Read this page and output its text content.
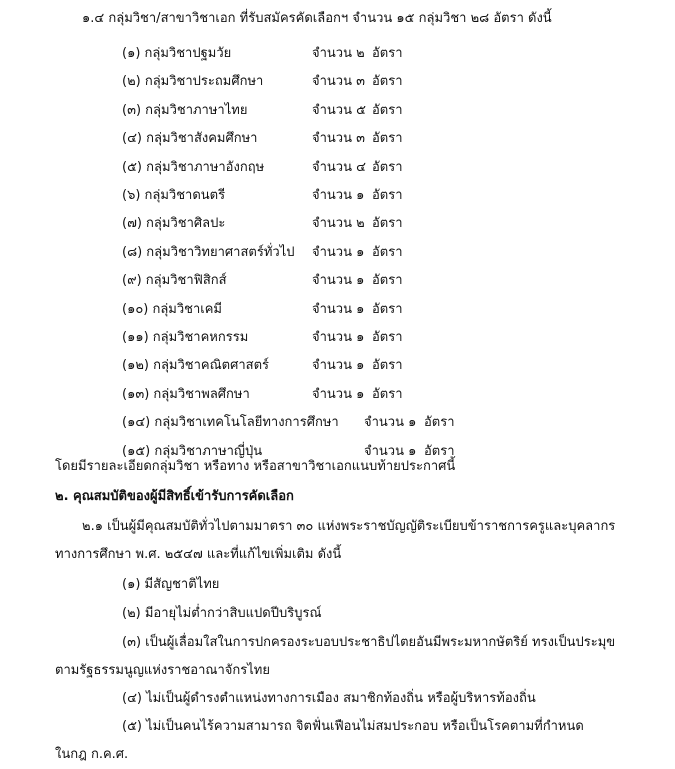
๑.๔ กลุ่มวิชา/สาขาวิชาเอก ที่รับสมัครคัดเลือกฯ จำนวน ๑๕ กลุ่มวิชา ๒๘ อัตรา ดังนี้
(๑) กลุ่มวิชาปฐมวัย	จำนวน ๒ อัตรา
(๒) กลุ่มวิชาประถมศึกษา	จำนวน ๓ อัตรา
(๓) กลุ่มวิชาภาษาไทย	จำนวน ๕ อัตรา
(๔) กลุ่มวิชาสังคมศึกษา	จำนวน ๓ อัตรา
(๕) กลุ่มวิชาภาษาอังกฤษ	จำนวน ๔ อัตรา
(๖) กลุ่มวิชาดนตรี	จำนวน ๑ อัตรา
(๗) กลุ่มวิชาศิลปะ	จำนวน ๒ อัตรา
(๘) กลุ่มวิชาวิทยาศาสตร์ทั่วไป จำนวน ๑ อัตรา
(๙) กลุ่มวิชาฟิสิกส์	จำนวน ๑ อัตรา
(๑๐) กลุ่มวิชาเคมี	จำนวน ๑ อัตรา
(๑๑) กลุ่มวิชาคหกรรม	จำนวน ๑ อัตรา
(๑๒) กลุ่มวิชาคณิตศาสตร์	จำนวน ๑ อัตรา
(๑๓) กลุ่มวิชาพลศึกษา	จำนวน ๑ อัตรา
(๑๔) กลุ่มวิชาเทคโนโลยีทางการศึกษา จำนวน ๑ อัตรา
(๑๕) กลุ่มวิชาภาษาญี่ปุ่น	จำนวน ๑ อัตรา
โดยมีรายละเอียดกลุ่มวิชา หรือทาง หรือสาขาวิชาเอกแนบท้ายประกาศนี้
๒. คุณสมบัติของผู้มีสิทธิ์เข้ารับการคัดเลือก
๒.๑ เป็นผู้มีคุณสมบัติทั่วไปตามมาตรา ๓๐ แห่งพระราชบัญญัติระเบียบข้าราชการครูและบุคลากร
ทางการศึกษา พ.ศ. ๒๕๔๗ และที่แก้ไขเพิ่มเติม ดังนี้
(๑) มีสัญชาติไทย
(๒) มีอายุไม่ต่ำกว่าสิบแปดปีบริบูรณ์
(๓) เป็นผู้เลื่อมใสในการปกครองระบอบประชาธิปไตยอันมีพระมหากษัตริย์ ทรงเป็นประมุข
ตามรัฐธรรมนูญแห่งราชอาณาจักรไทย
(๔) ไม่เป็นผู้ดำรงตำแหน่งทางการเมือง สมาชิกท้องถิ่น หรือผู้บริหารท้องถิ่น
(๕) ไม่เป็นคนไร้ความสามารถ จิตฟั่นเฟือนไม่สมประกอบ หรือเป็นโรคตามที่กำหนด
ในกฎ ก.ค.ศ.
